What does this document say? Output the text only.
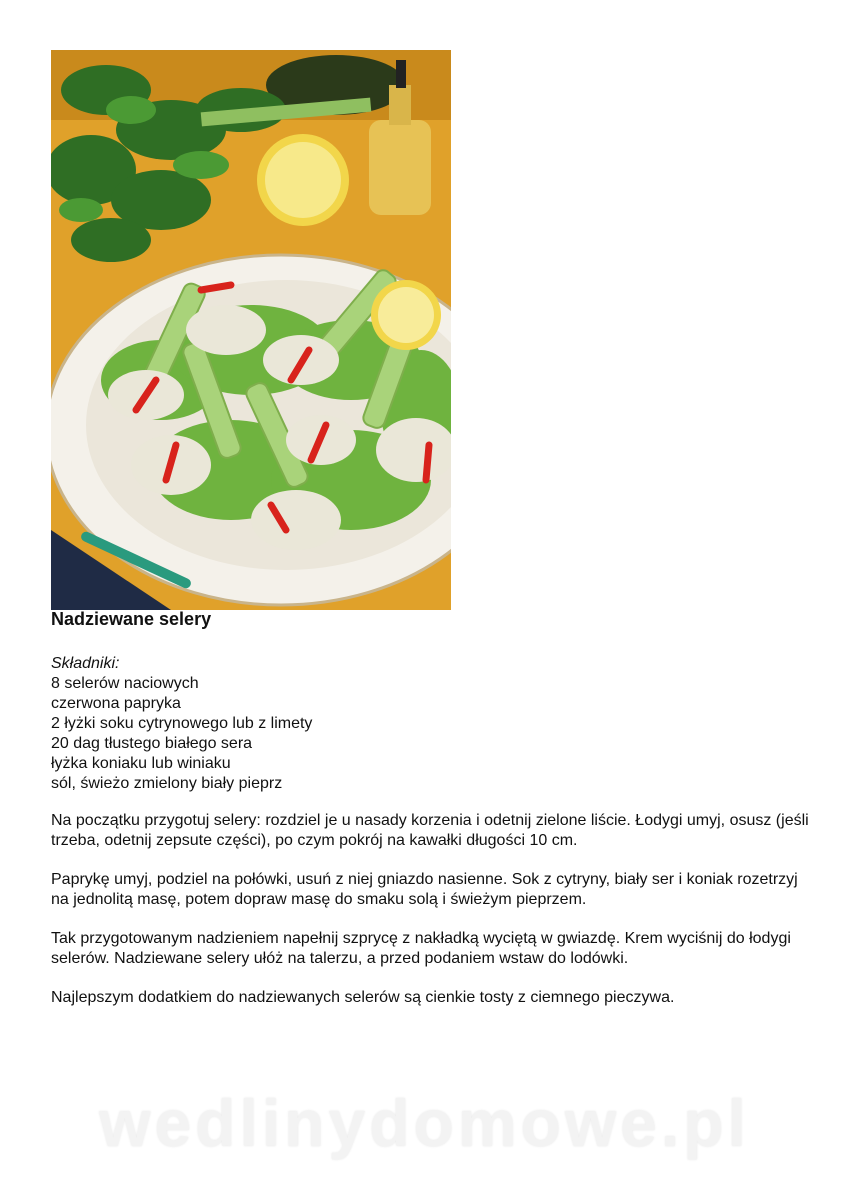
Nadziewane selery
Składniki:
8 selerów naciowych
czerwona papryka
2 łyżki soku cytrynowego lub z limety
20 dag tłustego białego sera
łyżka koniaku lub winiaku
sól, świeżo zmielony biały pieprz

Na początku przygotuj selery: rozdziel je u nasady korzenia i odetnij zielone liście. Łodygi umyj, osusz (jeśli trzeba, odetnij zepsute części), po czym pokrój na kawałki długości 10 cm.

Paprykę umyj, podziel na połówki, usuń z niej gniazdo nasienne. Sok z cytryny, biały ser i koniak rozetrzyj na jednolitą masę, potem dopraw masę do smaku solą i świeżym pieprzem.

Tak przygotowanym nadzieniem napełnij szprycę z nakładką wyciętą w gwiazdę. Krem wyciśnij do łodygi selerów. Nadziewane selery ułóż na talerzu, a przed podaniem wstaw do lodówki.

Najlepszym dodatkiem do nadziewanych selerów są cienkie tosty z ciemnego pieczywa.

wedlinydomowe.pl
